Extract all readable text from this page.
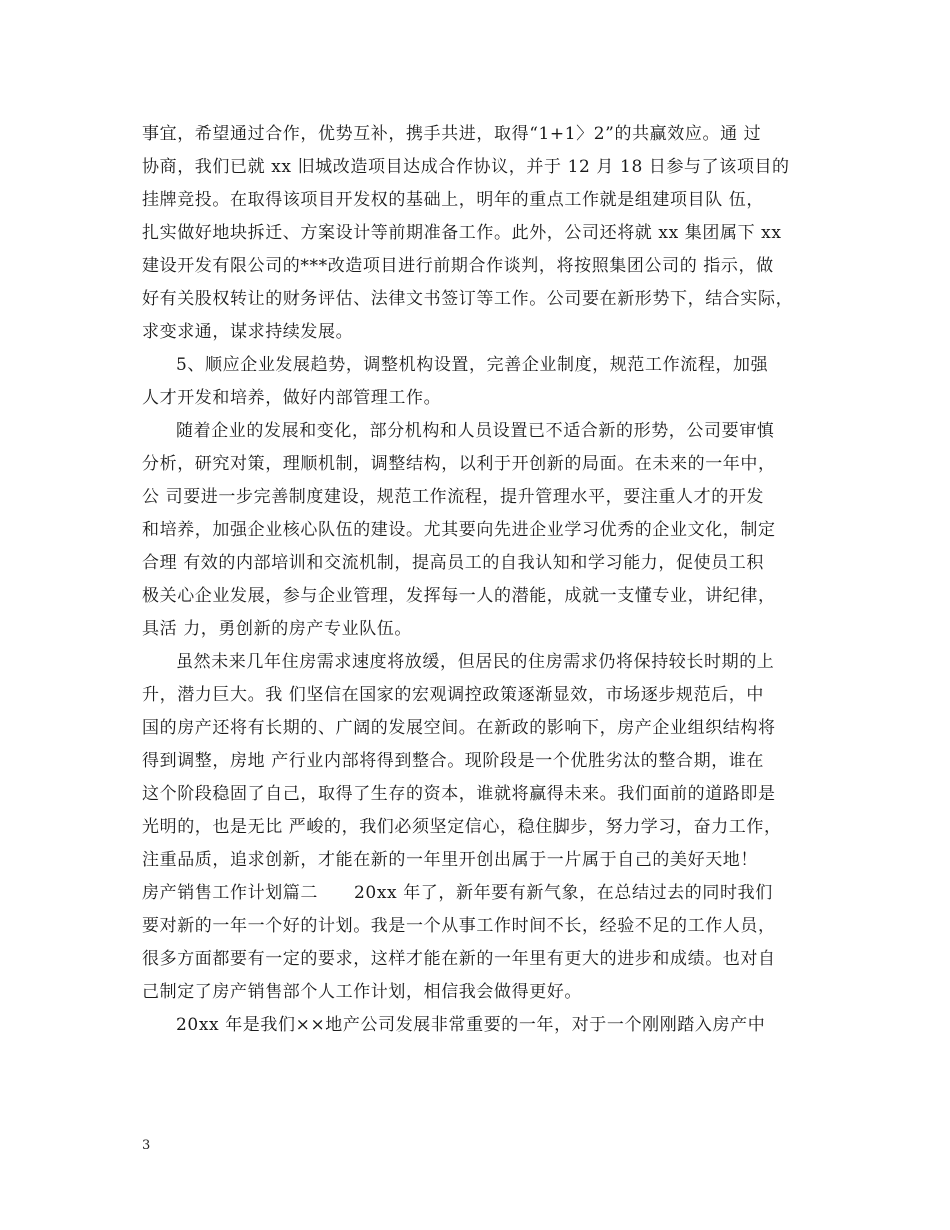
事宜，希望通过合作，优势互补，携手共进，取得“1+1〉2”的共赢效应。通 过
协商，我们已就 xx 旧城改造项目达成合作协议，并于 12 月 18 日参与了该项目的
挂牌竞投。在取得该项目开发权的基础上，明年的重点工作就是组建项目队 伍，
扎实做好地块拆迁、方案设计等前期准备工作。此外，公司还将就 xx 集团属下 xx
建设开发有限公司的***改造项目进行前期合作谈判，将按照集团公司的 指示，做
好有关股权转让的财务评估、法律文书签订等工作。公司要在新形势下，结合实际，
求变求通，谋求持续发展。

5、顺应企业发展趋势，调整机构设置，完善企业制度，规范工作流程，加强
人才开发和培养，做好内部管理工作。

随着企业的发展和变化，部分机构和人员设置已不适合新的形势，公司要审慎
分析，研究对策，理顺机制，调整结构，以利于开创新的局面。在未来的一年中，
公 司要进一步完善制度建设，规范工作流程，提升管理水平，要注重人才的开发
和培养，加强企业核心队伍的建设。尤其要向先进企业学习优秀的企业文化，制定
合理 有效的内部培训和交流机制，提高员工的自我认知和学习能力，促使员工积
极关心企业发展，参与企业管理，发挥每一人的潜能，成就一支懂专业，讲纪律，
具活 力，勇创新的房产专业队伍。

虽然未来几年住房需求速度将放缓，但居民的住房需求仍将保持较长时期的上
升，潜力巨大。我 们坚信在国家的宏观调控政策逐渐显效，市场逐步规范后，中
国的房产还将有长期的、广阔的发展空间。在新政的影响下，房产企业组织结构将
得到调整，房地 产行业内部将得到整合。现阶段是一个优胜劣汰的整合期，谁在
这个阶段稳固了自己，取得了生存的资本，谁就将赢得未来。我们面前的道路即是
光明的，也是无比 严峻的，我们必须坚定信心，稳住脚步，努力学习，奋力工作，
注重品质，追求创新，才能在新的一年里开创出属于一片属于自己的美好天地！

房产销售工作计划篇二 20xx 年了，新年要有新气象，在总结过去的同时我们
要对新的一年一个好的计划。我是一个从事工作时间不长，经验不足的工作人员，
很多方面都要有一定的要求，这样才能在新的一年里有更大的进步和成绩。也对自
己制定了房产销售部个人工作计划，相信我会做得更好。

20xx 年是我们××地产公司发展非常重要的一年，对于一个刚刚踏入房产中

3
